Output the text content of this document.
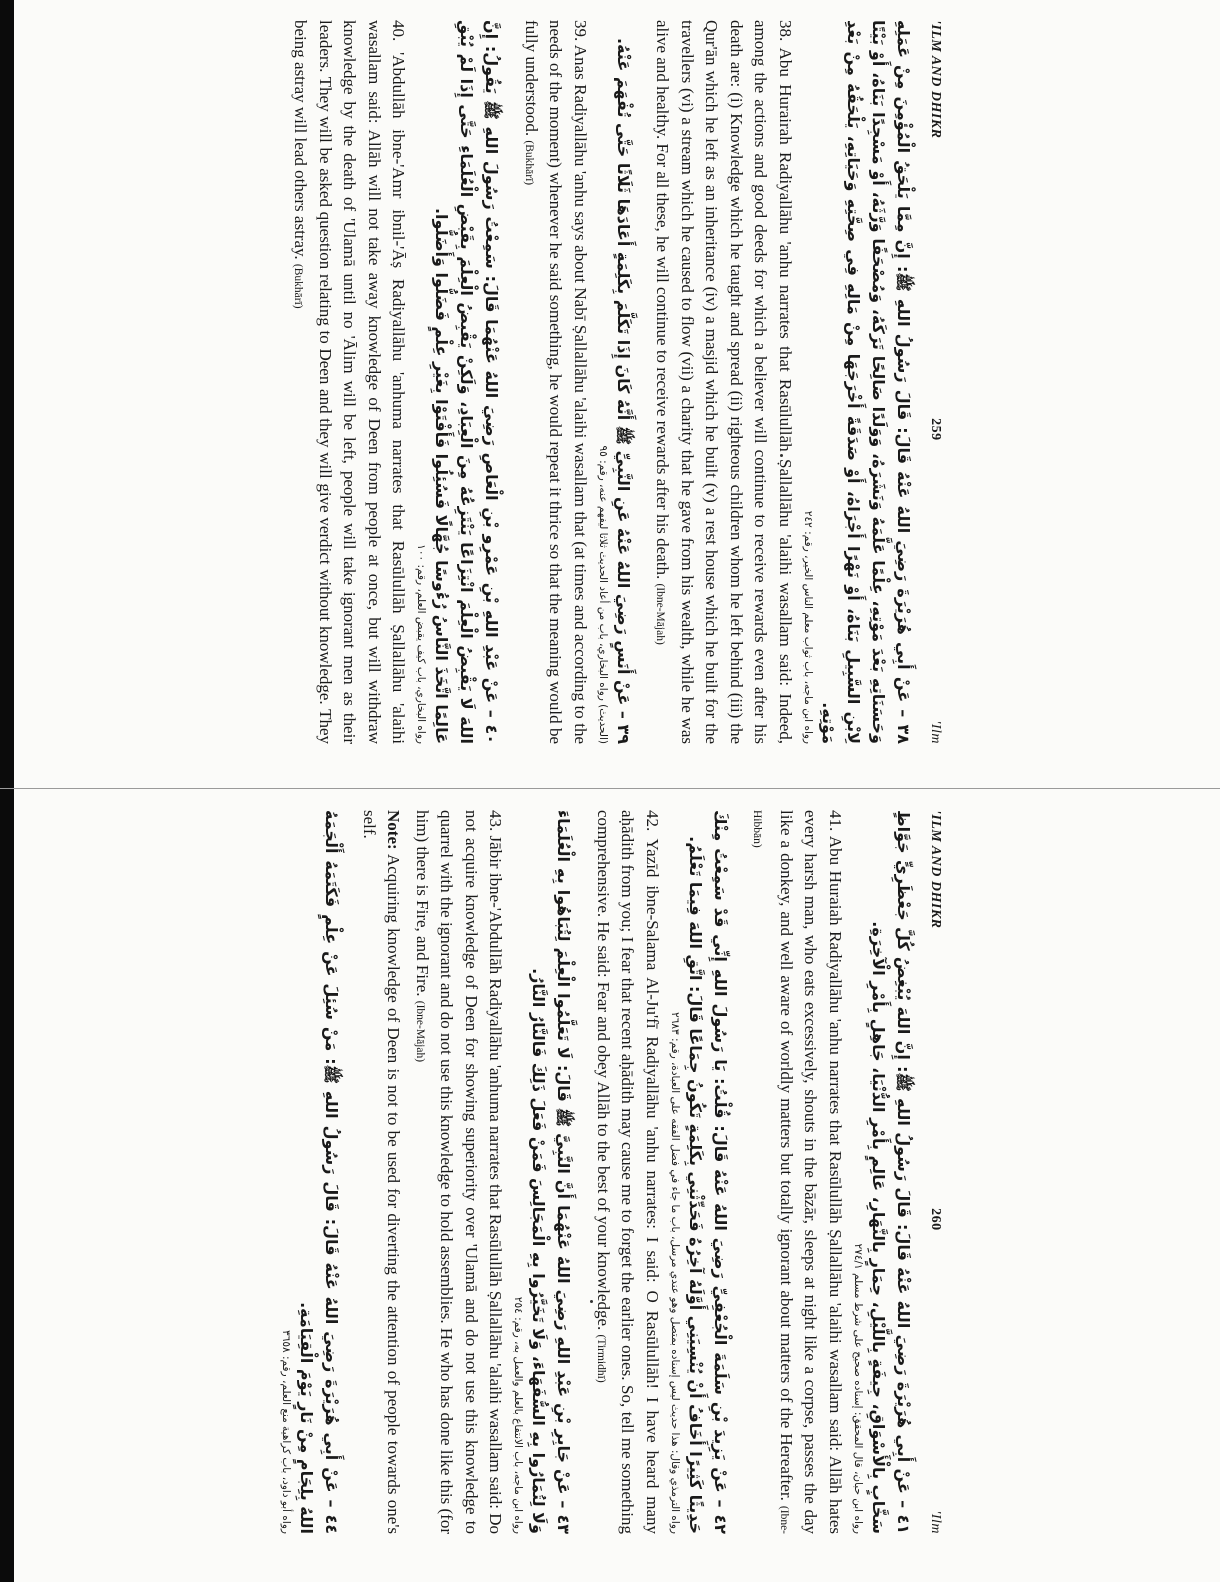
'ILM AND DHIKR
259
'Ilm

٣٨ – عَنْ أَبِي هُرَيْرَةَ رَضِيَ اللهُ عَنْهُ قَالَ: قَالَ رَسُولُ اللهِ ﷺ: إِنَّ مِمَّا يَلْحَقُ الْمُؤْمِنَ مِنْ عَمَلِهِ وَحَسَنَاتِهِ بَعْدَ مَوْتِهِ، عِلْمًا عَلَّمَهُ وَنَشَرَهُ، وَوَلَدًا صَالِحًا تَرَكَهُ، وَمُصْحَفًا وَرَّثَهُ، أَوْ مَسْجِدًا بَنَاهُ، أَوْ بَيْتًا لِابْنِ السَّبِيلِ بَنَاهُ، أَوْ نَهْرًا أَجْرَاهُ، أَوْ صَدَقَةً أَخْرَجَهَا مِنْ مَالِهِ فِي صِحَّتِهِ وَحَيَاتِهِ، يَلْحَقُهُ مِنْ بَعْدِ مَوْتِهِ.

رواه ابن ماجه، باب ثواب معلم الناس الخير، رقم: ٢٤٢

38. Abu Hurairah Radiyallāhu 'anhu narrates that Rasūlullāh Ṣallallāhu 'alaihi wasallam said: Indeed, among the actions and good deeds for which a believer will continue to receive rewards even after his death are: (i) Knowledge which he taught and spread (ii) righteous children whom he left behind (iii) the Qur'ān which he left as an inheritance (iv) a masjid which he built (v) a rest house which he built for the travellers (vi) a stream which he caused to flow (vii) a charity that he gave from his wealth, while he was alive and healthy. For all these, he will continue to receive rewards after his death. (Ibne-Mājah)

٣٩ – عَنْ أَنَسٍ رَضِيَ اللهُ عَنْهُ عَنِ النَّبِيِّ ﷺ أَنَّهُ كَانَ إِذَا تَكَلَّمَ بِكَلِمَةٍ أَعَادَهَا ثَلَاثًا حَتَّى تُفْهَمَ عَنْهُ.

(الحديث) رواه البخاري، باب من أعاد الحديث ثلاثا ليفهم عنه، رقم: ٩٥

39. Anas Radiyallāhu 'anhu says about Nabī Ṣallallāhu 'alaihi wasallam that (at times and according to the needs of the moment) whenever he said something, he would repeat it thrice so that the meaning would be fully understood. (Bukhārī)

٤٠ – عَنْ عَبْدِ اللهِ بْنِ عَمْرِو بْنِ الْعَاصِ رَضِيَ اللهُ عَنْهُمَا قَالَ: سَمِعْتُ رَسُولَ اللهِ ﷺ يَقُولُ: إِنَّ اللهَ لَا يَقْبِضُ الْعِلْمَ انْتِزَاعًا يَنْتَزِعُهُ مِنَ الْعِبَادِ، وَلَكِنْ يَقْبِضُ الْعِلْمَ بِقَبْضِ الْعُلَمَاءِ حَتَّى إِذَا لَمْ يُبْقِ عَالِمًا اتَّخَذَ النَّاسُ رُءُوسًا جُهَّالًا فَسُئِلُوا فَأَفْتَوْا بِغَيْرِ عِلْمٍ فَضَلُّوا وَأَضَلُّوا.

رواه البخاري، باب كيف يقبض العلم، رقم: ١٠٠

40. 'Abdullāh ibne-'Amr ibnil-'Āṣ Radiyallāhu 'anhuma narrates that Rasūlullāh Ṣallallāhu 'alaihi wasallam said: Allāh will not take away knowledge of Deen from people at once, but will withdraw knowledge by the death of 'Ulamā until no 'Ālim will be left, people will take ignorant men as their leaders. They will be asked question relating to Deen and they will give verdict without knowledge. They being astray will lead others astray. (Bukhārī)

'ILM AND DHIKR
260
'Ilm

٤١ – عَنْ أَبِي هُرَيْرَةَ رَضِيَ اللهُ عَنْهُ قَالَ: قَالَ رَسُولُ اللهِ ﷺ: إِنَّ اللهَ يُبْغِضُ كُلَّ جَعْظَرِيٍّ جَوَّاظٍ سَخَّابٍ بِالْأَسْوَاقِ، جِيفَةٍ بِاللَّيْلِ، حِمَارٍ بِالنَّهَارِ، عَالِمٍ بِأَمْرِ الدُّنْيَا، جَاهِلٍ بِأَمْرِ الْآخِرَةِ.

رواه ابن حبان، قال المحقق: إسناده صحيح على شرط مسلم ٢٧٤/١

41. Abu Huraiah Radiyallāhu 'anhu narrates that Rasūlullāh Ṣallallāhu 'alaihi wasallam said: Allāh hates every harsh man, who eats excessively, shouts in the bāzār, sleeps at night like a corpse, passes the day like a donkey, and well aware of worldly matters but totally ignorant about matters of the Hereafter. (Ibne-Hibbān)

٤٢ – عَنْ يَزِيدَ بْنِ سَلَمَةَ الْجُعْفِيِّ رَضِيَ اللهُ عَنْهُ قَالَ: قُلْتُ: يَا رَسُولَ اللهِ إِنِّي قَدْ سَمِعْتُ مِنْكَ حَدِيثًا كَثِيرًا أَخَافُ أَنْ يُنْسِيَنِي أَوَّلَهُ آخِرُهُ فَحَدِّثْنِي بِكَلِمَةٍ تَكُونُ جِمَاعًا قَالَ: اتَّقِ اللهَ فِيمَا تَعْلَمُ.

رواه الترمذي وقال: هذا حديث ليس إسناده بمتصل وهو عندي مرسل، باب ما جاء في فضل الفقه على العبادة، رقم: ٢٦٨٣

42. Yazīd ibne-Salama Al-Ju'fī Radiyallāhu 'anhu narrates: I said: O Rasūlullāh! I have heard many aḥādith from you; I fear that recent aḥādith may cause me to forget the earlier ones. So, tell me something comprehensive. He said: Fear and obey Allāh to the best of your knowledge. (Tirmidhī)

٤٣ – عَنْ جَابِرِ بْنِ عَبْدِ اللهِ رَضِيَ اللهُ عَنْهُمَا أَنَّ النَّبِيَّ ﷺ قَالَ: لَا تَعَلَّمُوا الْعِلْمَ لِتُبَاهُوا بِهِ الْعُلَمَاءَ وَلَا لِتُمَارُوا بِهِ السُّفَهَاءَ، وَلَا تَخَيَّرُوا بِهِ الْمَجَالِسَ فَمَنْ فَعَلَ ذَلِكَ فَالنَّارُ النَّارُ.

رواه ابن ماجه، باب الانتفاع بالعلم والعمل به، رقم: ٢٥٤

43. Jābir ibne-'Abdullāh Radiyallāhu 'anhuma narrates that Rasūlullāh Ṣallallāhu 'alaihi wasallam said: Do not acquire knowledge of Deen for showing superiority over 'Ulamā and do not use this knowledge to quarrel with the ignorant and do not use this knowledge to hold assemblies. He who has done like this (for him) there is Fire, and Fire. (Ibne-Mājah)

Note: Acquiring knowledge of Deen is not to be used for diverting the attention of people towards one's self.

٤٤ – عَنْ أَبِي هُرَيْرَةَ رَضِيَ اللهُ عَنْهُ قَالَ: قَالَ رَسُولُ اللهِ ﷺ: مَنْ سُئِلَ عَنْ عِلْمٍ فَكَتَمَهُ أَلْجَمَهُ اللهُ بِلِجَامٍ مِنْ نَارٍ يَوْمَ الْقِيَامَةِ.

رواه أبو داود، باب كراهية منع العلم، رقم: ٣٦٥٨
